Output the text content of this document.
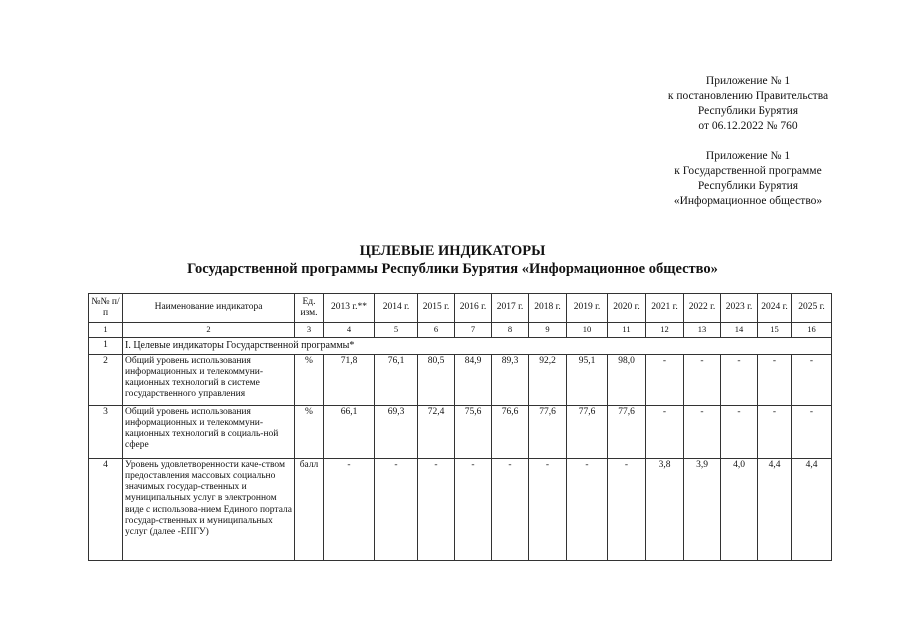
Приложение № 1
к постановлению Правительства
Республики Бурятия
от 06.12.2022 № 760
Приложение № 1
к Государственной программе
Республики Бурятия
«Информационное общество»
ЦЕЛЕВЫЕ ИНДИКАТОРЫ
Государственной программы Республики Бурятия «Информационное общество»
№№ п/п	Наименование индикатора	Ед. изм.	2013 г.**	2014 г.	2015 г.	2016 г.	2017 г.	2018 г.	2019 г.	2020 г.	2021 г.	2022 г.	2023 г.	2024 г.	2025 г.
1	2	3	4	5	6	7	8	9	10	11	12	13	14	15	16
1	I. Целевые индикаторы Государственной программы*														
2	Общий уровень использования информационных и телекоммуни-кационных технологий в системе государственного управления	%	71,8	76,1	80,5	84,9	89,3	92,2	95,1	98,0	-	-	-	-	-
3	Общий уровень использования информационных и телекоммуни-кационных технологий в социаль-ной сфере	%	66,1	69,3	72,4	75,6	76,6	77,6	77,6	77,6	-	-	-	-	-
4	Уровень удовлетворенности каче-ством предоставления массовых социально значимых государ-ственных и муниципальных услуг в электронном виде с использова-нием Единого портала государ-ственных и муниципальных услуг (далее -ЕПГУ)	балл	-	-	-	-	-	-	-	-	3,8	3,9	4,0	4,4	4,4
